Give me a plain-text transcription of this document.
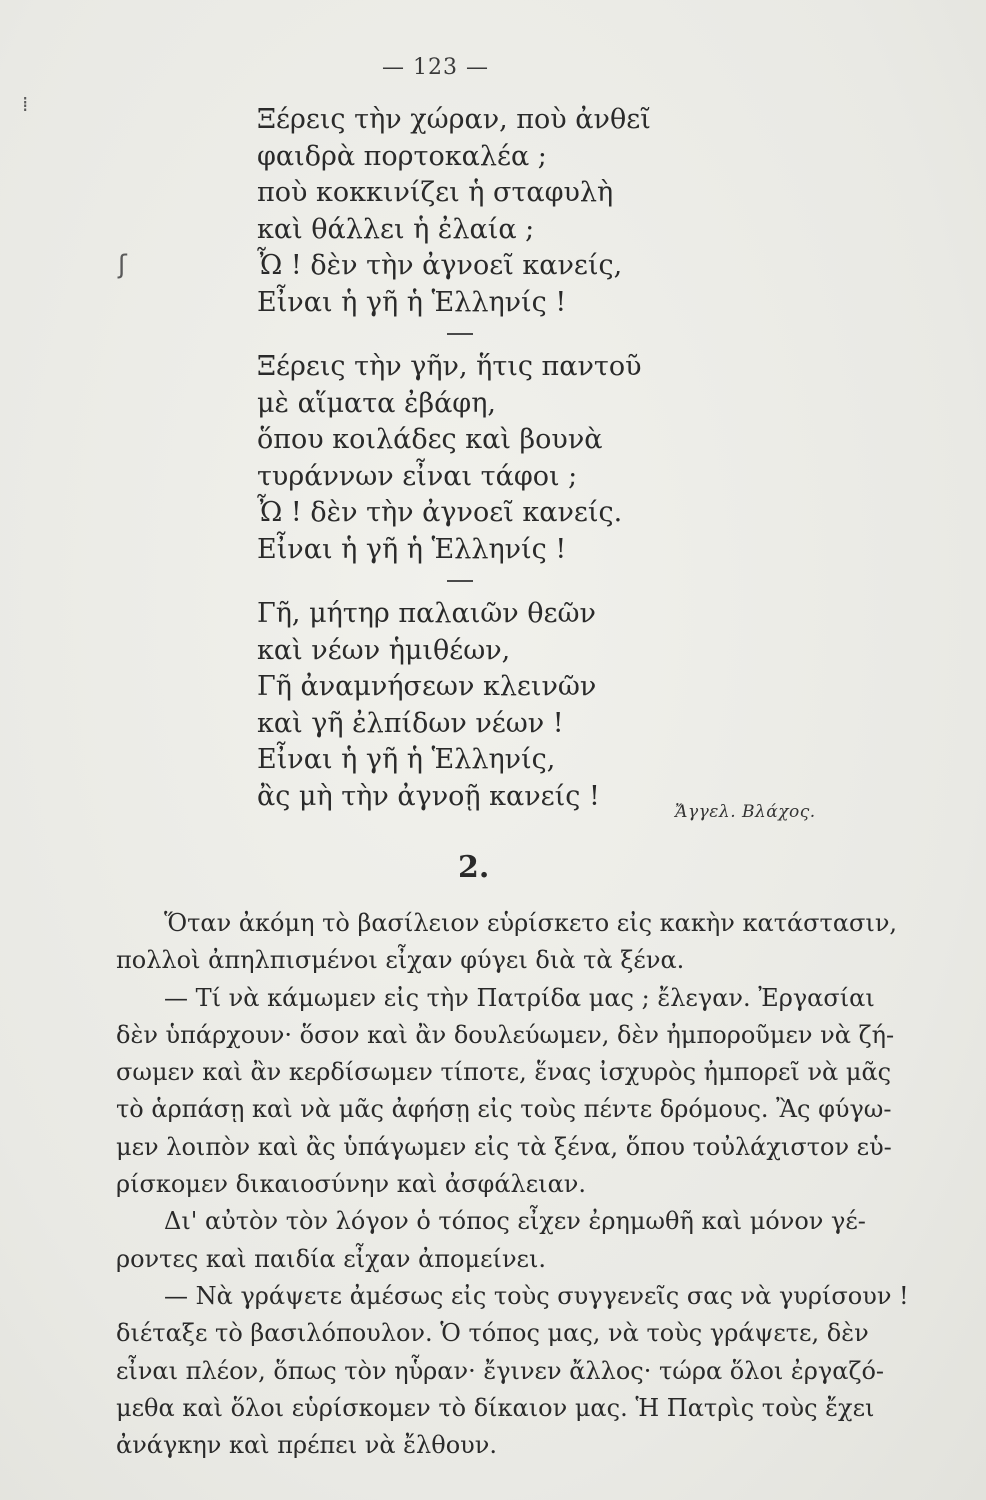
— 123 —
⁞
ʃ
Ξέρεις τὴν χώραν, ποὺ ἀνθεῖ
φαιδρὰ πορτοκαλέα ;
ποὺ κοκκινίζει ἡ σταφυλὴ
καὶ θάλλει ἡ ἐλαία ;
Ὦ ! δὲν τὴν ἀγνοεῖ κανείς,
Εἶναι ἡ γῆ ἡ Ἑλληνίς !
Ξέρεις τὴν γῆν, ἥτις παντοῦ
μὲ αἵματα ἐβάφη,
ὅπου κοιλάδες καὶ βουνὰ
τυράννων εἶναι τάφοι ;
Ὦ ! δὲν τὴν ἀγνοεῖ κανείς.
Εἶναι ἡ γῆ ἡ Ἑλληνίς !
Γῆ, μήτηρ παλαιῶν θεῶν
καὶ νέων ἡμιθέων,
Γῆ ἀναμνήσεων κλεινῶν
καὶ γῆ ἐλπίδων νέων !
Εἶναι ἡ γῆ ἡ Ἑλληνίς,
ἂς μὴ τὴν ἀγνοῇ κανείς !
Ἄγγελ. Βλάχος.
2.
Ὅταν ἀκόμη τὸ βασίλειον εὑρίσκετο εἰς κακὴν κατάστασιν,
πολλοὶ ἀπηλπισμένοι εἶχαν φύγει διὰ τὰ ξένα.
— Τί νὰ κάμωμεν εἰς τὴν Πατρίδα μας ; ἔλεγαν. Ἐργασίαι
δὲν ὑπάρχουν· ὅσον καὶ ἂν δουλεύωμεν, δὲν ἠμποροῦμεν νὰ ζή-
σωμεν καὶ ἂν κερδίσωμεν τίποτε, ἕνας ἰσχυρὸς ἠμπορεῖ νὰ μᾶς
τὸ ἁρπάσῃ καὶ νὰ μᾶς ἀφήσῃ εἰς τοὺς πέντε δρόμους. Ἂς φύγω-
μεν λοιπὸν καὶ ἂς ὑπάγωμεν εἰς τὰ ξένα, ὅπου τοὐλάχιστον εὑ-
ρίσκομεν δικαιοσύνην καὶ ἀσφάλειαν.
Δι' αὐτὸν τὸν λόγον ὁ τόπος εἶχεν ἐρημωθῆ καὶ μόνον γέ-
ροντες καὶ παιδία εἶχαν ἀπομείνει.
— Νὰ γράψετε ἀμέσως εἰς τοὺς συγγενεῖς σας νὰ γυρίσουν !
διέταξε τὸ βασιλόπουλον. Ὁ τόπος μας, νὰ τοὺς γράψετε, δὲν
εἶναι πλέον, ὅπως τὸν ηὗραν· ἔγινεν ἄλλος· τώρα ὅλοι ἐργαζό-
μεθα καὶ ὅλοι εὑρίσκομεν τὸ δίκαιον μας. Ἡ Πατρὶς τοὺς ἔχει
ἀνάγκην καὶ πρέπει νὰ ἔλθουν.
